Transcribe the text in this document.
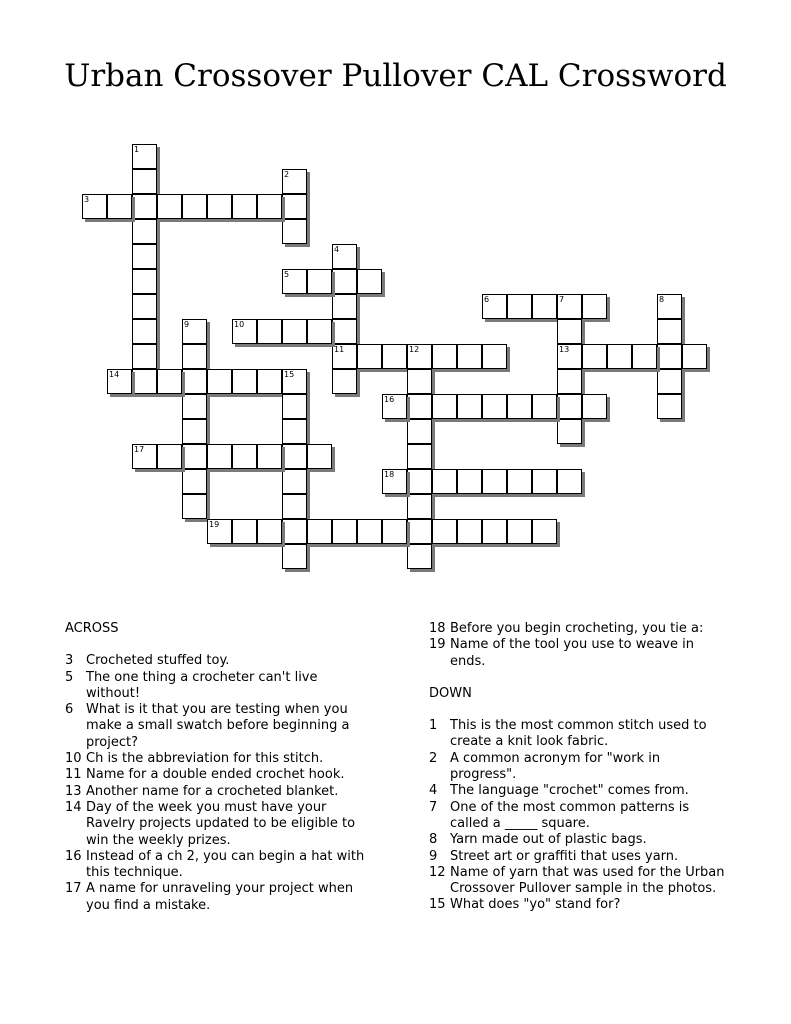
Urban Crossover Pullover CAL Crossword
1
2
3
4
5
6	7	8
9	10
11	12	13
14	15
16
17
18
19
ACROSS
3 Crocheted stuffed toy.
5 The one thing a crocheter can't live without!
6 What is it that you are testing when you make a small swatch before beginning a project?
10 Ch is the abbreviation for this stitch.
11 Name for a double ended crochet hook.
13 Another name for a crocheted blanket.
14 Day of the week you must have your Ravelry projects updated to be eligible to win the weekly prizes.
16 Instead of a ch 2, you can begin a hat with this technique.
17 A name for unraveling your project when you find a mistake.
18 Before you begin crocheting, you tie a:
19 Name of the tool you use to weave in ends.
DOWN
1 This is the most common stitch used to create a knit look fabric.
2 A common acronym for "work in progress".
4 The language "crochet" comes from.
7 One of the most common patterns is called a _____ square.
8 Yarn made out of plastic bags.
9 Street art or graffiti that uses yarn.
12 Name of yarn that was used for the Urban Crossover Pullover sample in the photos.
15 What does "yo" stand for?
